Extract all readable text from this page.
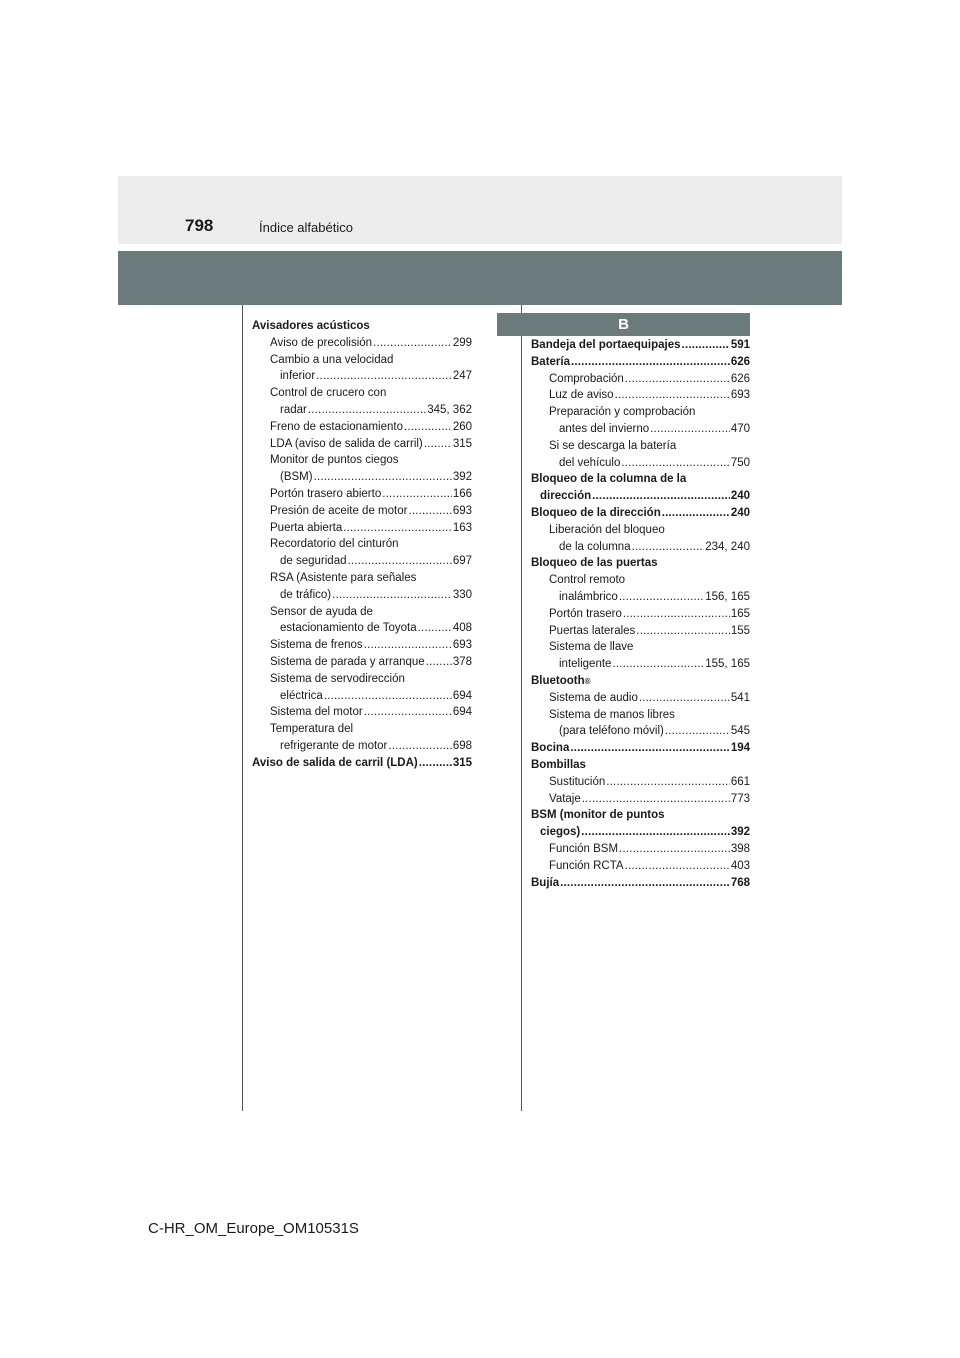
798	Índice alfabético
Avisadores acústicos
Aviso de precolisión .....	299
Cambio a una velocidad
inferior .....	247
Control de crucero con
radar .....	345, 362
Freno de estacionamiento .....	260
LDA (aviso de salida de carril) .....	315
Monitor de puntos ciegos
(BSM) .....	392
Portón trasero abierto .....	166
Presión de aceite de motor .....	693
Puerta abierta .....	163
Recordatorio del cinturón
de seguridad .....	697
RSA (Asistente para señales
de tráfico) .....	330
Sensor de ayuda de
estacionamiento de Toyota .....	408
Sistema de frenos .....	693
Sistema de parada y arranque ..... 378
Sistema de servodirección
eléctrica .....	694
Sistema del motor .....	694
Temperatura del
refrigerante de motor .....	698
Aviso de salida de carril (LDA) .....	315
B
Bandeja del portaequipajes .....	591
Batería .....	626
Comprobación .....	626
Luz de aviso .....	693
Preparación y comprobación
antes del invierno .....	470
Si se descarga la batería
del vehículo .....	750
Bloqueo de la columna de la
dirección .....	240
Bloqueo de la dirección .....	240
Liberación del bloqueo
de la columna .....	234, 240
Bloqueo de las puertas
Control remoto
inalámbrico .....	156, 165
Portón trasero .....	165
Puertas laterales .....	155
Sistema de llave
inteligente .....	155, 165
Bluetooth ®
Sistema de audio .....	541
Sistema de manos libres
(para teléfono móvil) .....	545
Bocina .....	194
Bombillas
Sustitución .....	661
Vataje .....	773
BSM (monitor de puntos
ciegos) .....	392
Función BSM .....	398
Función RCTA .....	403
Bujía .....	768
C-HR_OM_Europe_OM10531S
